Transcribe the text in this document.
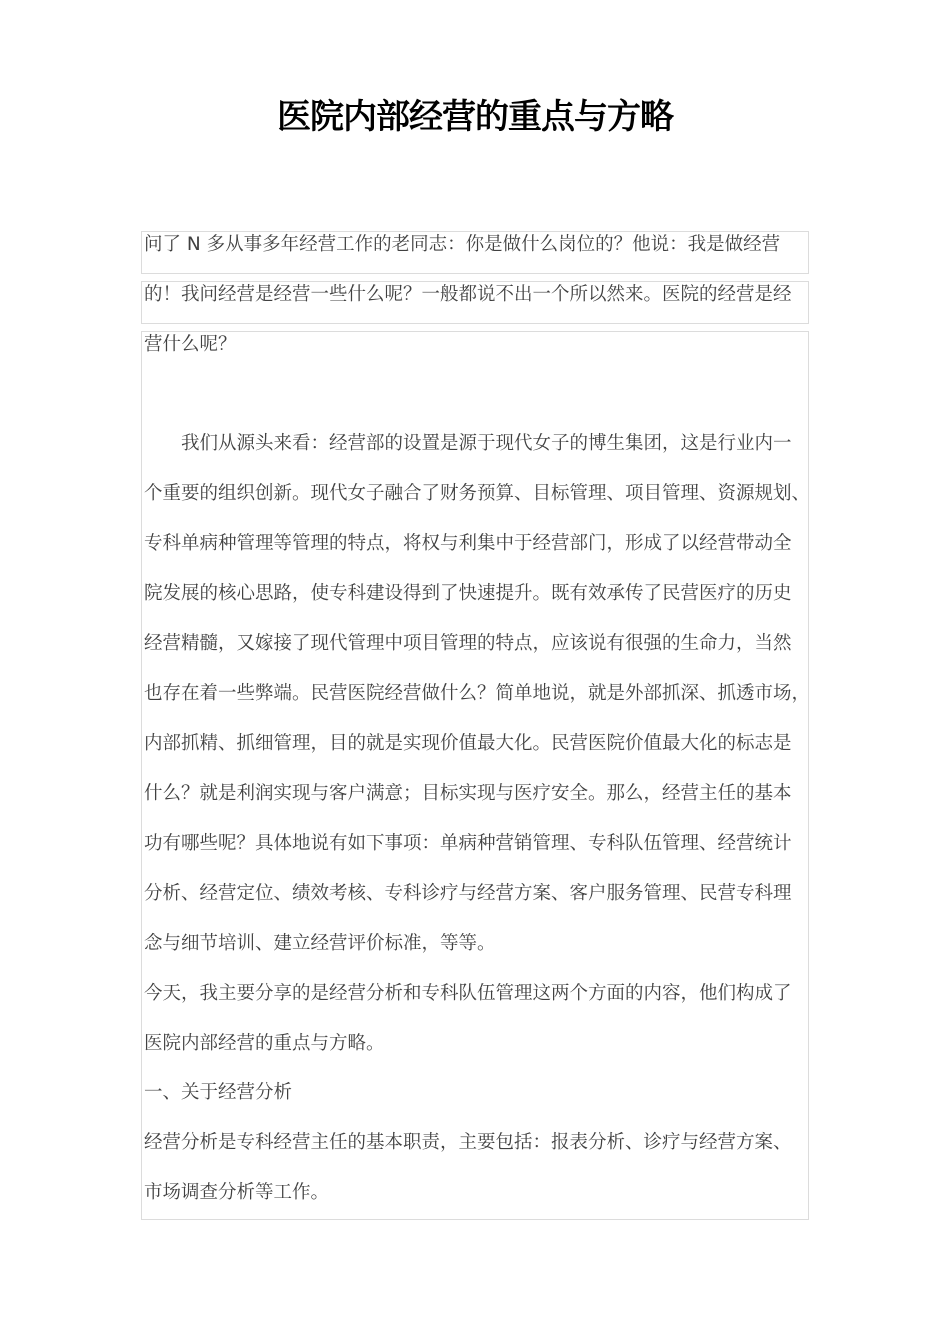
医院内部经营的重点与方略
问了 N 多从事多年经营工作的老同志：你是做什么岗位的？他说：我是做经营
的！我问经营是经营一些什么呢？一般都说不出一个所以然来。医院的经营是经
营什么呢？
　　我们从源头来看：经营部的设置是源于现代女子的博生集团，这是行业内一
个重要的组织创新。现代女子融合了财务预算、目标管理、项目管理、资源规划、
专科单病种管理等管理的特点，将权与利集中于经营部门，形成了以经营带动全
院发展的核心思路，使专科建设得到了快速提升。既有效承传了民营医疗的历史
经营精髓，又嫁接了现代管理中项目管理的特点，应该说有很强的生命力，当然
也存在着一些弊端。民营医院经营做什么？简单地说，就是外部抓深、抓透市场，
内部抓精、抓细管理，目的就是实现价值最大化。民营医院价值最大化的标志是
什么？就是利润实现与客户满意；目标实现与医疗安全。那么，经营主任的基本
功有哪些呢？具体地说有如下事项：单病种营销管理、专科队伍管理、经营统计
分析、经营定位、绩效考核、专科诊疗与经营方案、客户服务管理、民营专科理
念与细节培训、建立经营评价标准，等等。
今天，我主要分享的是经营分析和专科队伍管理这两个方面的内容，他们构成了
医院内部经营的重点与方略。
一、关于经营分析
经营分析是专科经营主任的基本职责，主要包括：报表分析、诊疗与经营方案、
市场调查分析等工作。
